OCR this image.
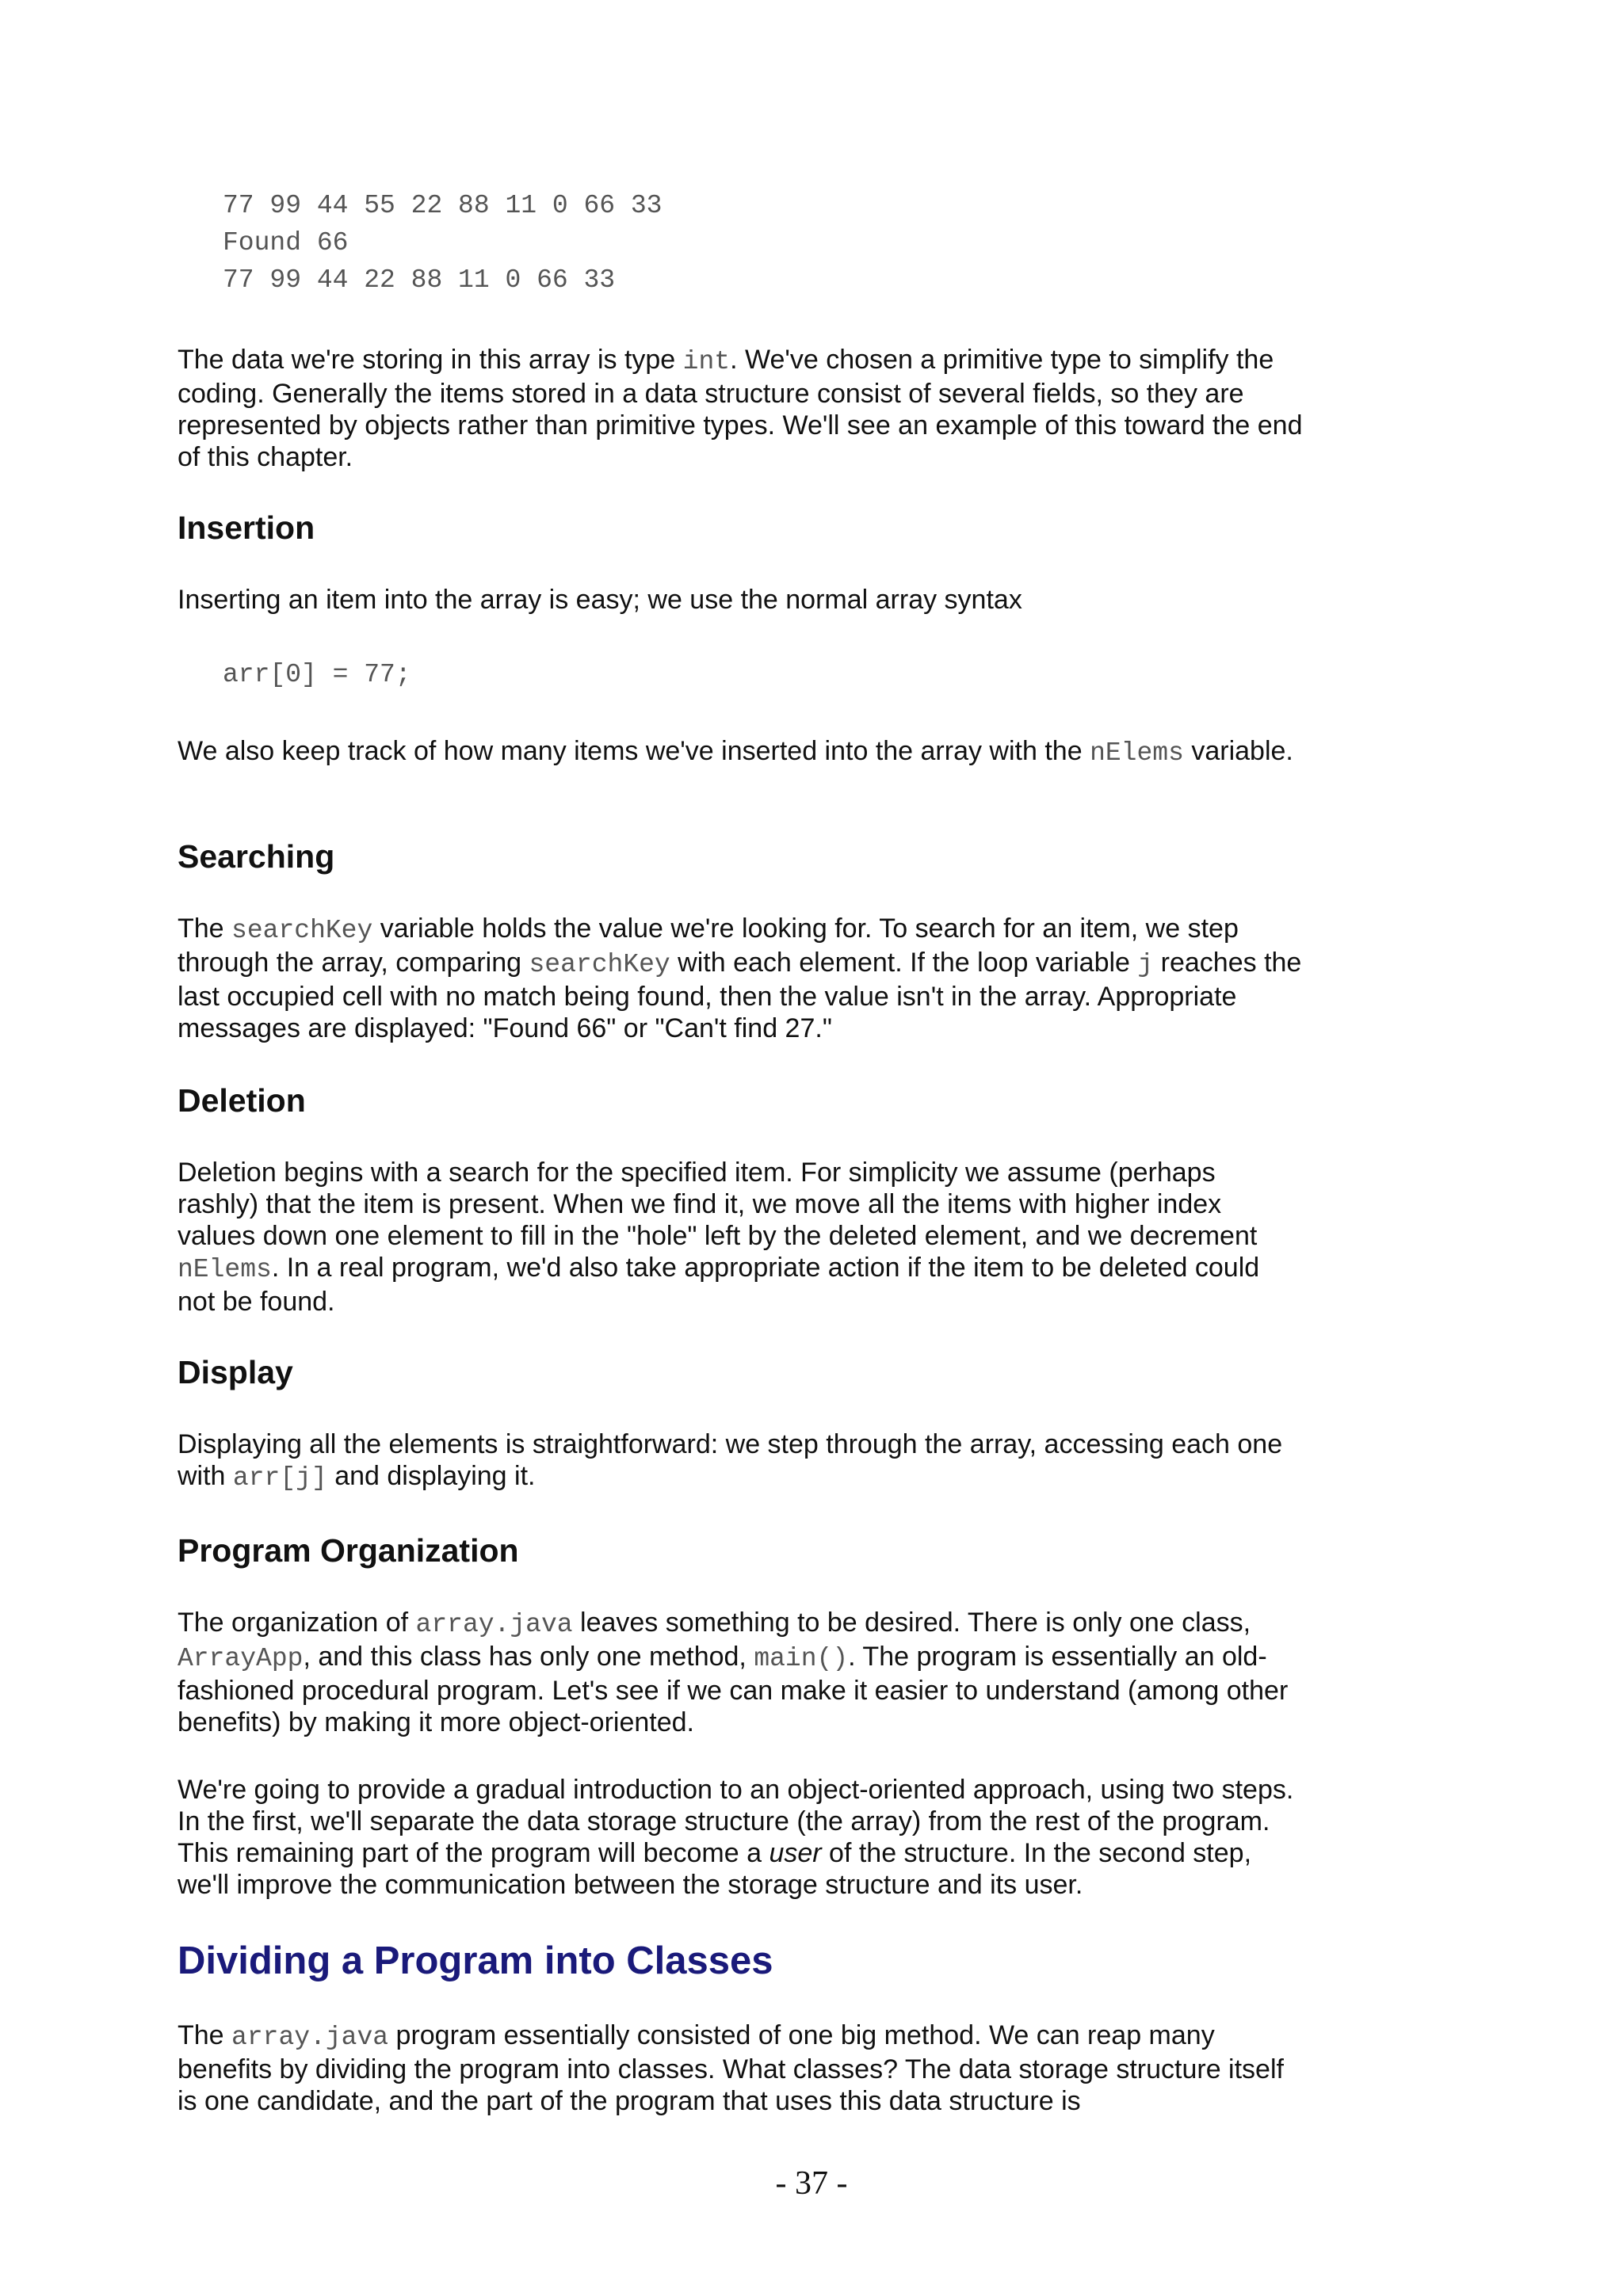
77 99 44 55 22 88 11 0 66 33
Found 66
77 99 44 22 88 11 0 66 33

The data we're storing in this array is type int. We've chosen a primitive type to simplify the coding. Generally the items stored in a data structure consist of several fields, so they are represented by objects rather than primitive types. We'll see an example of this toward the end of this chapter.

Insertion

Inserting an item into the array is easy; we use the normal array syntax

arr[0] = 77;

We also keep track of how many items we've inserted into the array with the nElems variable.

Searching

The searchKey variable holds the value we're looking for. To search for an item, we step through the array, comparing searchKey with each element. If the loop variable j reaches the last occupied cell with no match being found, then the value isn't in the array. Appropriate messages are displayed: "Found 66" or "Can't find 27."

Deletion

Deletion begins with a search for the specified item. For simplicity we assume (perhaps rashly) that the item is present. When we find it, we move all the items with higher index values down one element to fill in the "hole" left by the deleted element, and we decrement nElems. In a real program, we'd also take appropriate action if the item to be deleted could not be found.

Display

Displaying all the elements is straightforward: we step through the array, accessing each one with arr[j] and displaying it.

Program Organization

The organization of array.java leaves something to be desired. There is only one class, ArrayApp, and this class has only one method, main(). The program is essentially an old-fashioned procedural program. Let's see if we can make it easier to understand (among other benefits) by making it more object-oriented.

We're going to provide a gradual introduction to an object-oriented approach, using two steps. In the first, we'll separate the data storage structure (the array) from the rest of the program. This remaining part of the program will become a user of the structure. In the second step, we'll improve the communication between the storage structure and its user.

Dividing a Program into Classes

The array.java program essentially consisted of one big method. We can reap many benefits by dividing the program into classes. What classes? The data storage structure itself is one candidate, and the part of the program that uses this data structure is

- 37 -
